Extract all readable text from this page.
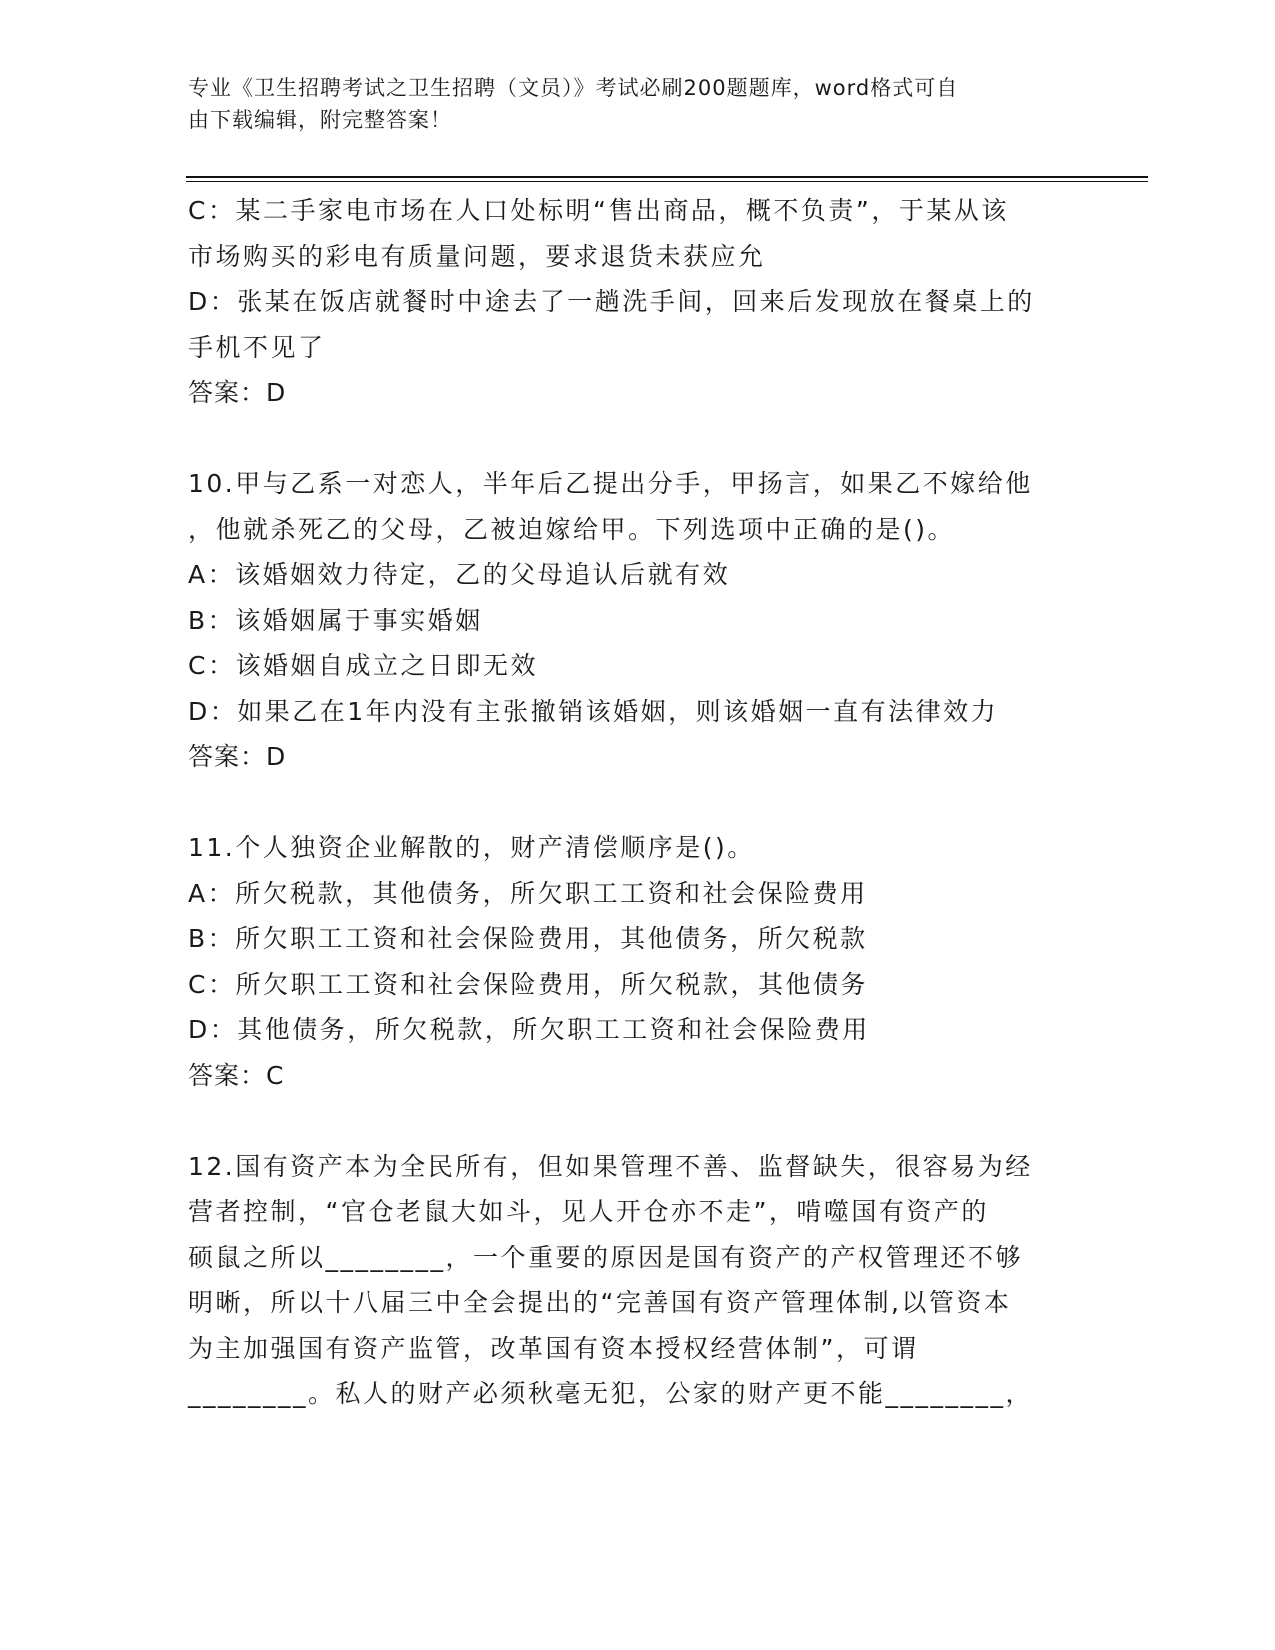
专业《卫生招聘考试之卫生招聘（文员）》考试必刷200题题库，word格式可自
由下载编辑，附完整答案！
C：某二手家电市场在人口处标明“售出商品，概不负责”，于某从该
市场购买的彩电有质量问题，要求退货未获应允
D：张某在饭店就餐时中途去了一趟洗手间，回来后发现放在餐桌上的
手机不见了
答案：D
10.甲与乙系一对恋人，半年后乙提出分手，甲扬言，如果乙不嫁给他
，他就杀死乙的父母，乙被迫嫁给甲。下列选项中正确的是()。
A：该婚姻效力待定，乙的父母追认后就有效
B：该婚姻属于事实婚姻
C：该婚姻自成立之日即无效
D：如果乙在1年内没有主张撤销该婚姻，则该婚姻一直有法律效力
答案：D
11.个人独资企业解散的，财产清偿顺序是()。
A：所欠税款，其他债务，所欠职工工资和社会保险费用
B：所欠职工工资和社会保险费用，其他债务，所欠税款
C：所欠职工工资和社会保险费用，所欠税款，其他债务
D：其他债务，所欠税款，所欠职工工资和社会保险费用
答案：C
12.国有资产本为全民所有，但如果管理不善、监督缺失，很容易为经
营者控制，“官仓老鼠大如斗，见人开仓亦不走”，啃噬国有资产的
硕鼠之所以________，一个重要的原因是国有资产的产权管理还不够
明晰，所以十八届三中全会提出的“完善国有资产管理体制,以管资本
为主加强国有资产监管，改革国有资本授权经营体制”，可谓
________。私人的财产必须秋毫无犯，公家的财产更不能________，
